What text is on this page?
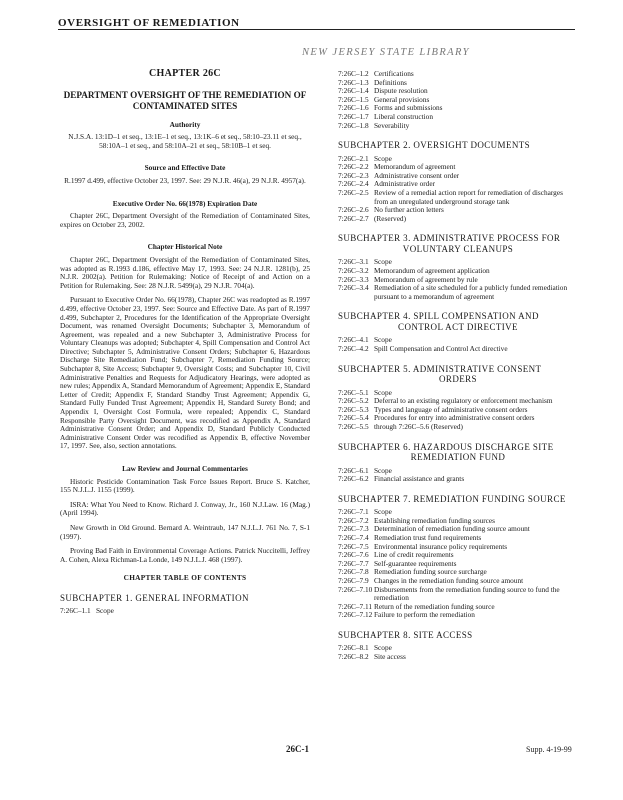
OVERSIGHT OF REMEDIATION
NEW JERSEY STATE LIBRARY
CHAPTER 26C
DEPARTMENT OVERSIGHT OF THE REMEDIATION OF CONTAMINATED SITES
Authority
N.J.S.A. 13:1D–1 et seq., 13:1E–1 et seq., 13:1K–6 et seq., 58:10–23.11 et seq., 58:10A–1 et seq., and 58:10A–21 et seq., 58:10B–1 et seq.
Source and Effective Date
R.1997 d.499, effective October 23, 1997. See: 29 N.J.R. 46(a), 29 N.J.R. 4957(a).
Executive Order No. 66(1978) Expiration Date
Chapter 26C, Department Oversight of the Remediation of Contaminated Sites, expires on October 23, 2002.
Chapter Historical Note
Chapter 26C, Department Oversight of the Remediation of Contaminated Sites, was adopted as R.1993 d.186, effective May 17, 1993. See: 24 N.J.R. 1281(b), 25 N.J.R. 2002(a). Petition for Rulemaking: Notice of Receipt of and Action on a Petition for Rulemaking. See: 28 N.J.R. 5499(a), 29 N.J.R. 704(a).
Pursuant to Executive Order No. 66(1978), Chapter 26C was readopted as R.1997 d.499, effective October 23, 1997. See: Source and Effective Date. As part of R.1997 d.499, Subchapter 2, Procedures for the Identification of the Appropriate Oversight Document, was renamed Oversight Documents; Subchapter 3, Memorandum of Agreement, was repealed and a new Subchapter 3, Administrative Process for Voluntary Cleanups was adopted; Subchapter 4, Spill Compensation and Control Act Directive; Subchapter 5, Administrative Consent Orders; Subchapter 6, Hazardous Discharge Site Remediation Fund; Subchapter 7, Remediation Funding Source; Subchapter 8, Site Access; Subchapter 9, Oversight Costs; and Subchapter 10, Civil Administrative Penalties and Requests for Adjudicatory Hearings, were adopted as new rules; Appendix A, Standard Memorandum of Agreement; Appendix E, Standard Letter of Credit; Appendix F, Standard Standby Trust Agreement; Appendix G, Standard Fully Funded Trust Agreement; Appendix H, Standard Surety Bond; and Appendix I, Oversight Cost Formula, were repealed; Appendix C, Standard Responsible Party Oversight Document, was recodified as Appendix A, Standard Administrative Consent Order; and Appendix D, Standard Publicly Conducted Administrative Consent Order was recodified as Appendix B, effective November 17, 1997. See, also, section annotations.
Law Review and Journal Commentaries
Historic Pesticide Contamination Task Force Issues Report. Bruce S. Katcher, 155 N.J.L.J. 1155 (1999).
ISRA: What You Need to Know. Richard J. Conway, Jr., 160 N.J.Law. 16 (Mag.) (April 1994).
New Growth in Old Ground. Bernard A. Weintraub, 147 N.J.L.J. 761 No. 7, S-1 (1997).
Proving Bad Faith in Environmental Coverage Actions. Patrick Nuccitelli, Jeffrey A. Cohen, Alexa Richman-La Londe, 149 N.J.L.J. 468 (1997).
CHAPTER TABLE OF CONTENTS
SUBCHAPTER 1. GENERAL INFORMATION
7:26C–1.1 Scope
7:26C–1.2 Certifications
7:26C–1.3 Definitions
7:26C–1.4 Dispute resolution
7:26C–1.5 General provisions
7:26C–1.6 Forms and submissions
7:26C–1.7 Liberal construction
7:26C–1.8 Severability
SUBCHAPTER 2. OVERSIGHT DOCUMENTS
7:26C–2.1 Scope
7:26C–2.2 Memorandum of agreement
7:26C–2.3 Administrative consent order
7:26C–2.4 Administrative order
7:26C–2.5 Review of a remedial action report for remediation of discharges from an unregulated underground storage tank
7:26C–2.6 No further action letters
7:26C–2.7 (Reserved)
SUBCHAPTER 3. ADMINISTRATIVE PROCESS FOR
VOLUNTARY CLEANUPS
7:26C–3.1 Scope
7:26C–3.2 Memorandum of agreement application
7:26C–3.3 Memorandum of agreement by rule
7:26C–3.4 Remediation of a site scheduled for a publicly funded remediation pursuant to a memorandum of agreement
SUBCHAPTER 4. SPILL COMPENSATION AND
CONTROL ACT DIRECTIVE
7:26C–4.1 Scope
7:26C–4.2 Spill Compensation and Control Act directive
SUBCHAPTER 5. ADMINISTRATIVE CONSENT
ORDERS
7:26C–5.1 Scope
7:26C–5.2 Deferral to an existing regulatory or enforcement mechanism
7:26C–5.3 Types and language of administrative consent orders
7:26C–5.4 Procedures for entry into administrative consent orders
7:26C–5.5 through 7:26C–5.6 (Reserved)
SUBCHAPTER 6. HAZARDOUS DISCHARGE SITE
REMEDIATION FUND
7:26C–6.1 Scope
7:26C–6.2 Financial assistance and grants
SUBCHAPTER 7. REMEDIATION FUNDING SOURCE
7:26C–7.1 Scope
7:26C–7.2 Establishing remediation funding sources
7:26C–7.3 Determination of remediation funding source amount
7:26C–7.4 Remediation trust fund requirements
7:26C–7.5 Environmental insurance policy requirements
7:26C–7.6 Line of credit requirements
7:26C–7.7 Self-guarantee requirements
7:26C–7.8 Remediation funding source surcharge
7:26C–7.9 Changes in the remediation funding source amount
7:26C–7.10 Disbursements from the remediation funding source to fund the remediation
7:26C–7.11 Return of the remediation funding source
7:26C–7.12 Failure to perform the remediation
SUBCHAPTER 8. SITE ACCESS
7:26C–8.1 Scope
7:26C–8.2 Site access
26C-1	Supp. 4-19-99
